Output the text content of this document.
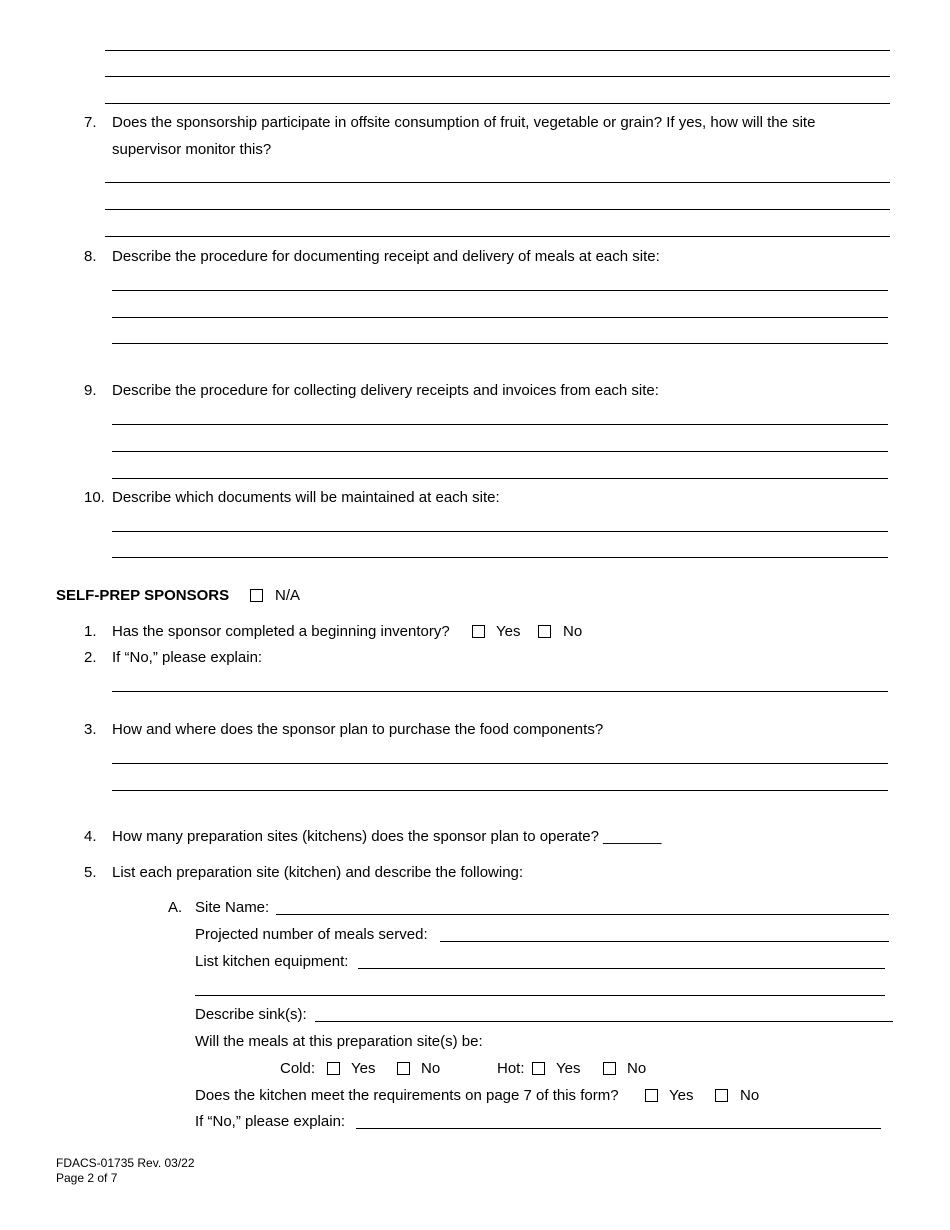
7. Does the sponsorship participate in offsite consumption of fruit, vegetable or grain? If yes, how will the site
supervisor monitor this?
8. Describe the procedure for documenting receipt and delivery of meals at each site:
9. Describe the procedure for collecting delivery receipts and invoices from each site:
10. Describe which documents will be maintained at each site:
SELF-PREP SPONSORS	N/A
1. Has the sponsor completed a beginning inventory?	Yes	No
2. If “No,” please explain:
3. How and where does the sponsor plan to purchase the food components?
4. How many preparation sites (kitchens) does the sponsor plan to operate? _______
5. List each preparation site (kitchen) and describe the following:
A. Site Name:
Projected number of meals served:
List kitchen equipment:
Describe sink(s):
Will the meals at this preparation site(s) be:
Cold: Yes	No	Hot: Yes	No
Does the kitchen meet the requirements on page 7 of this form?	Yes	No
If “No,” please explain:
FDACS-01735 Rev. 03/22
Page 2 of 7
